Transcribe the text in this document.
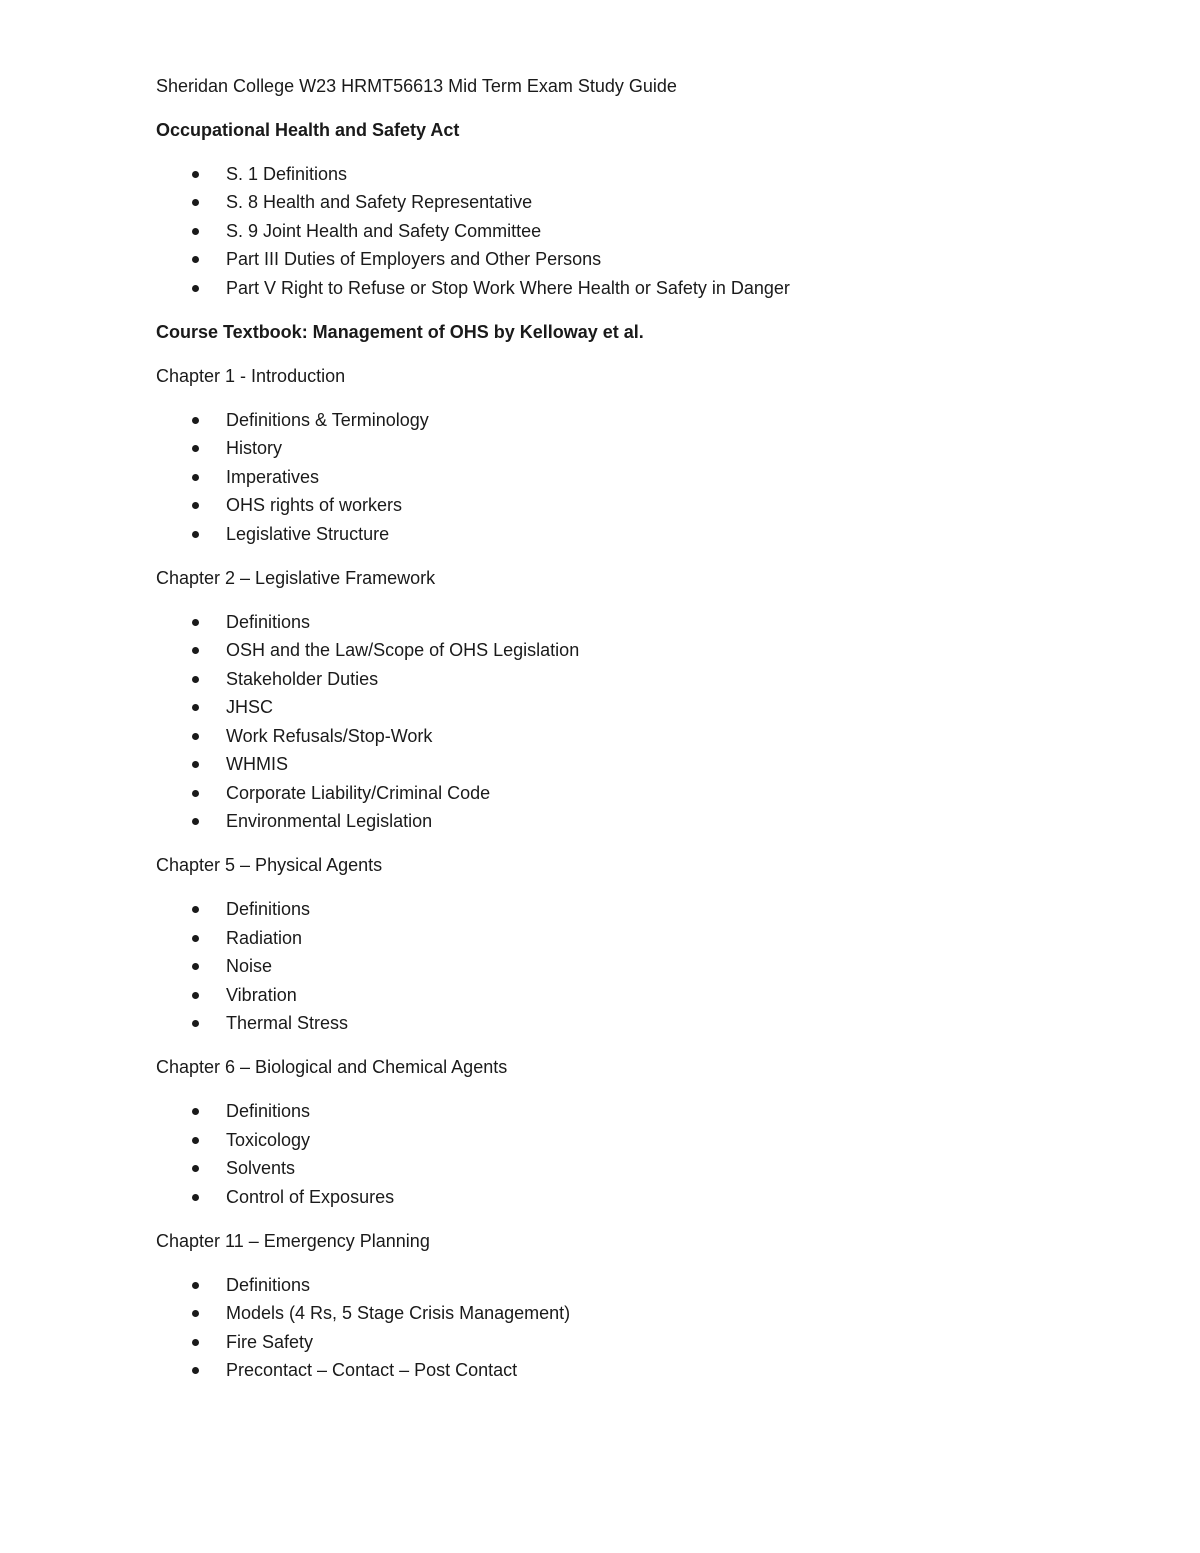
Sheridan College W23 HRMT56613 Mid Term Exam Study Guide
Occupational Health and Safety Act
S. 1 Definitions
S. 8 Health and Safety Representative
S. 9 Joint Health and Safety Committee
Part III Duties of Employers and Other Persons
Part V Right to Refuse or Stop Work Where Health or Safety in Danger
Course Textbook: Management of OHS by Kelloway et al.
Chapter 1 - Introduction
Definitions & Terminology
History
Imperatives
OHS rights of workers
Legislative Structure
Chapter 2 – Legislative Framework
Definitions
OSH and the Law/Scope of OHS Legislation
Stakeholder Duties
JHSC
Work Refusals/Stop-Work
WHMIS
Corporate Liability/Criminal Code
Environmental Legislation
Chapter 5 – Physical Agents
Definitions
Radiation
Noise
Vibration
Thermal Stress
Chapter 6 – Biological and Chemical Agents
Definitions
Toxicology
Solvents
Control of Exposures
Chapter 11 – Emergency Planning
Definitions
Models (4 Rs, 5 Stage Crisis Management)
Fire Safety
Precontact – Contact – Post Contact
